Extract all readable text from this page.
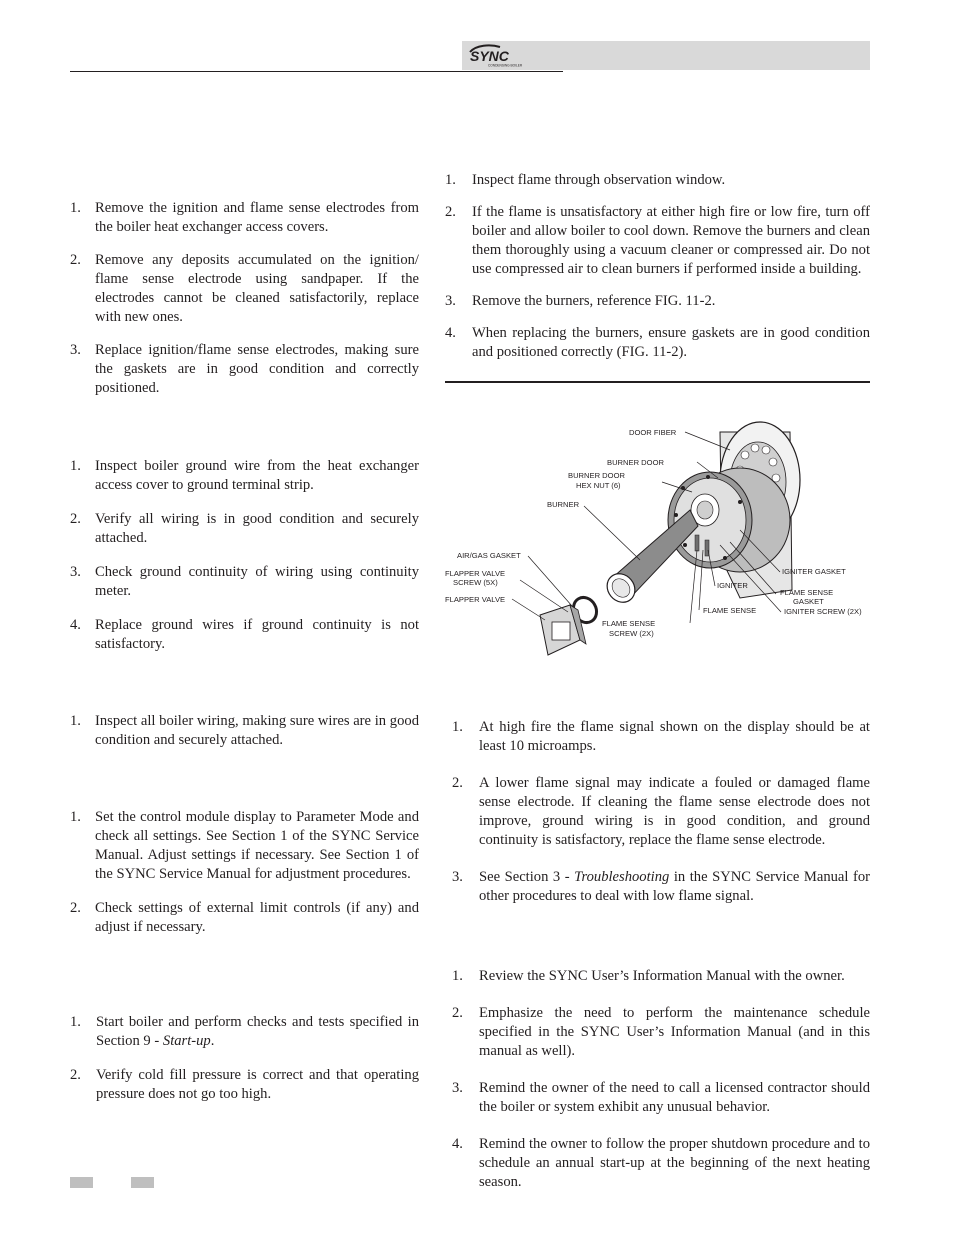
SYNC
CONDENSING BOILER
1. Remove the ignition and flame sense electrodes from the boiler heat exchanger access covers.
2. Remove any deposits accumulated on the ignition/ flame sense electrode using sandpaper. If the electrodes cannot be cleaned satisfactorily, replace with new ones.
3. Replace ignition/flame sense electrodes, making sure the gaskets are in good condition and correctly positioned.
1. Inspect boiler ground wire from the heat exchanger access cover to ground terminal strip.
2. Verify all wiring is in good condition and securely attached.
3. Check ground continuity of wiring using continuity meter.
4. Replace ground wires if ground continuity is not satisfactory.
1. Inspect all boiler wiring, making sure wires are in good condition and securely attached.
1. Set the control module display to Parameter Mode and check all settings. See Section 1 of the SYNC Service Manual. Adjust settings if necessary. See Section 1 of the SYNC Service Manual for adjustment procedures.
2. Check settings of external limit controls (if any) and adjust if necessary.
1. Start boiler and perform checks and tests specified in Section 9 - Start-up.
2. Verify cold fill pressure is correct and that operating pressure does not go too high.
1. Inspect flame through observation window.
2. If the flame is unsatisfactory at either high fire or low fire, turn off boiler and allow boiler to cool down. Remove the burners and clean them thoroughly using a vacuum cleaner or compressed air. Do not use compressed air to clean burners if performed inside a building.
3. Remove the burners, reference FIG. 11-2.
4. When replacing the burners, ensure gaskets are in good condition and positioned correctly (FIG. 11-2).
DOOR FIBER
BURNER DOOR
BURNER DOOR
HEX NUT (6)
BURNER
AIR/GAS GASKET
FLAPPER VALVE
SCREW (5X)
FLAPPER VALVE
IGNITER GASKET
IGNITER
FLAME SENSE
GASKET
IGNITER SCREW (2X)
FLAME SENSE
FLAME SENSE
SCREW (2X)
1. At high fire the flame signal shown on the display should be at least 10 microamps.
2. A lower flame signal may indicate a fouled or damaged flame sense electrode. If cleaning the flame sense electrode does not improve, ground wiring is in good condition, and ground continuity is satisfactory, replace the flame sense electrode.
3. See Section 3 - Troubleshooting in the SYNC Service Manual for other procedures to deal with low flame signal.
1. Review the SYNC User’s Information Manual with the owner.
2. Emphasize the need to perform the maintenance schedule specified in the SYNC User’s Information Manual (and in this manual as well).
3. Remind the owner of the need to call a licensed contractor should the boiler or system exhibit any unusual behavior.
4. Remind the owner to follow the proper shutdown procedure and to schedule an annual start-up at the beginning of the next heating season.
